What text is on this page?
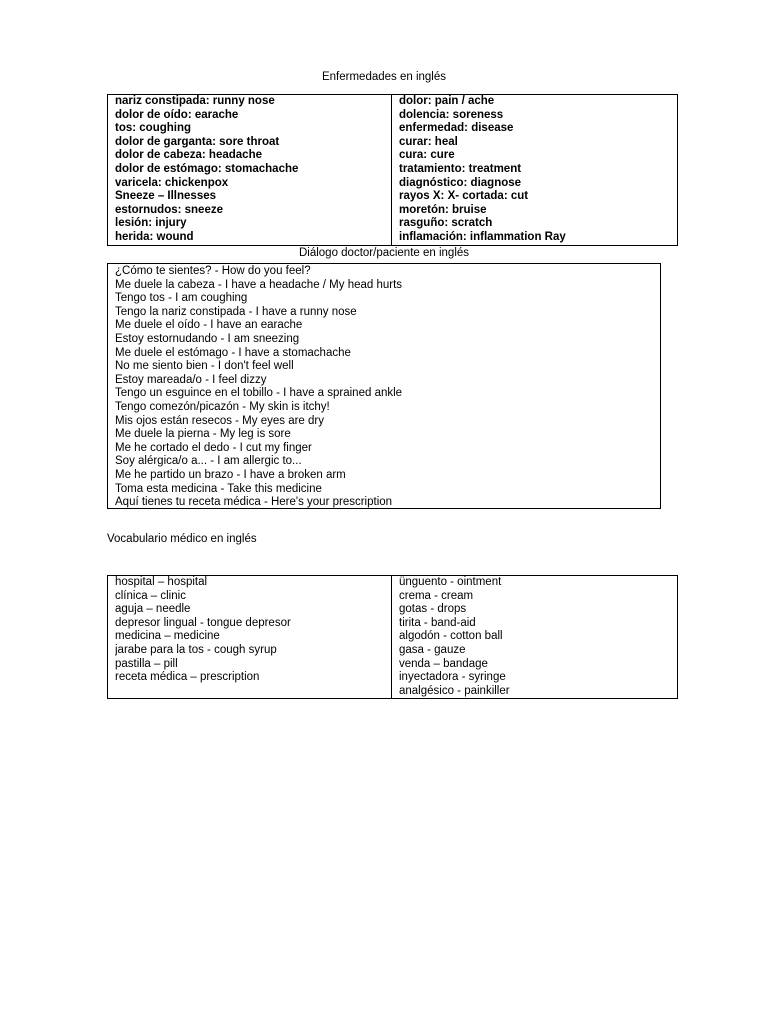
Enfermedades en inglés
nariz constipada: runny nose
dolor de oído: earache
tos: coughing
dolor de garganta: sore throat
dolor de cabeza: headache
dolor de estómago: stomachache
varicela: chickenpox
Sneeze – Illnesses
estornudos: sneeze
lesión: injury
herida: wound

dolor: pain / ache
dolencia: soreness
enfermedad: disease
curar: heal
cura: cure
tratamiento: treatment
diagnóstico: diagnose
rayos X: X- cortada: cut
moretón: bruise
rasguño: scratch
inflamación: inflammation Ray
Diálogo doctor/paciente en inglés
¿Cómo te sientes? - How do you feel?
Me duele la cabeza - I have a headache / My head hurts
Tengo tos - I am coughing
Tengo la nariz constipada - I have a runny nose
Me duele el oído - I have an earache
Estoy estornudando - I am sneezing
Me duele el estómago - I have a stomachache
No me siento bien - I don't feel well
Estoy mareada/o - I feel dizzy
Tengo un esguince en el tobillo - I have a sprained ankle
Tengo comezón/picazón - My skin is itchy!
Mis ojos están resecos - My eyes are dry
Me duele la pierna - My leg is sore
Me he cortado el dedo - I cut my finger
Soy alérgica/o a... - I am allergic to...
Me he partido un brazo - I have a broken arm
Toma esta medicina - Take this medicine
Aquí tienes tu receta médica - Here's your prescription
Vocabulario médico en inglés
hospital – hospital
clínica – clinic
aguja – needle
depresor lingual - tongue depresor
medicina – medicine
jarabe para la tos - cough syrup
pastilla – pill
receta médica – prescription

ünguento - ointment
crema - cream
gotas - drops
tirita - band-aid
algodón - cotton ball
gasa - gauze
venda – bandage
inyectadora - syringe
analgésico - painkiller
